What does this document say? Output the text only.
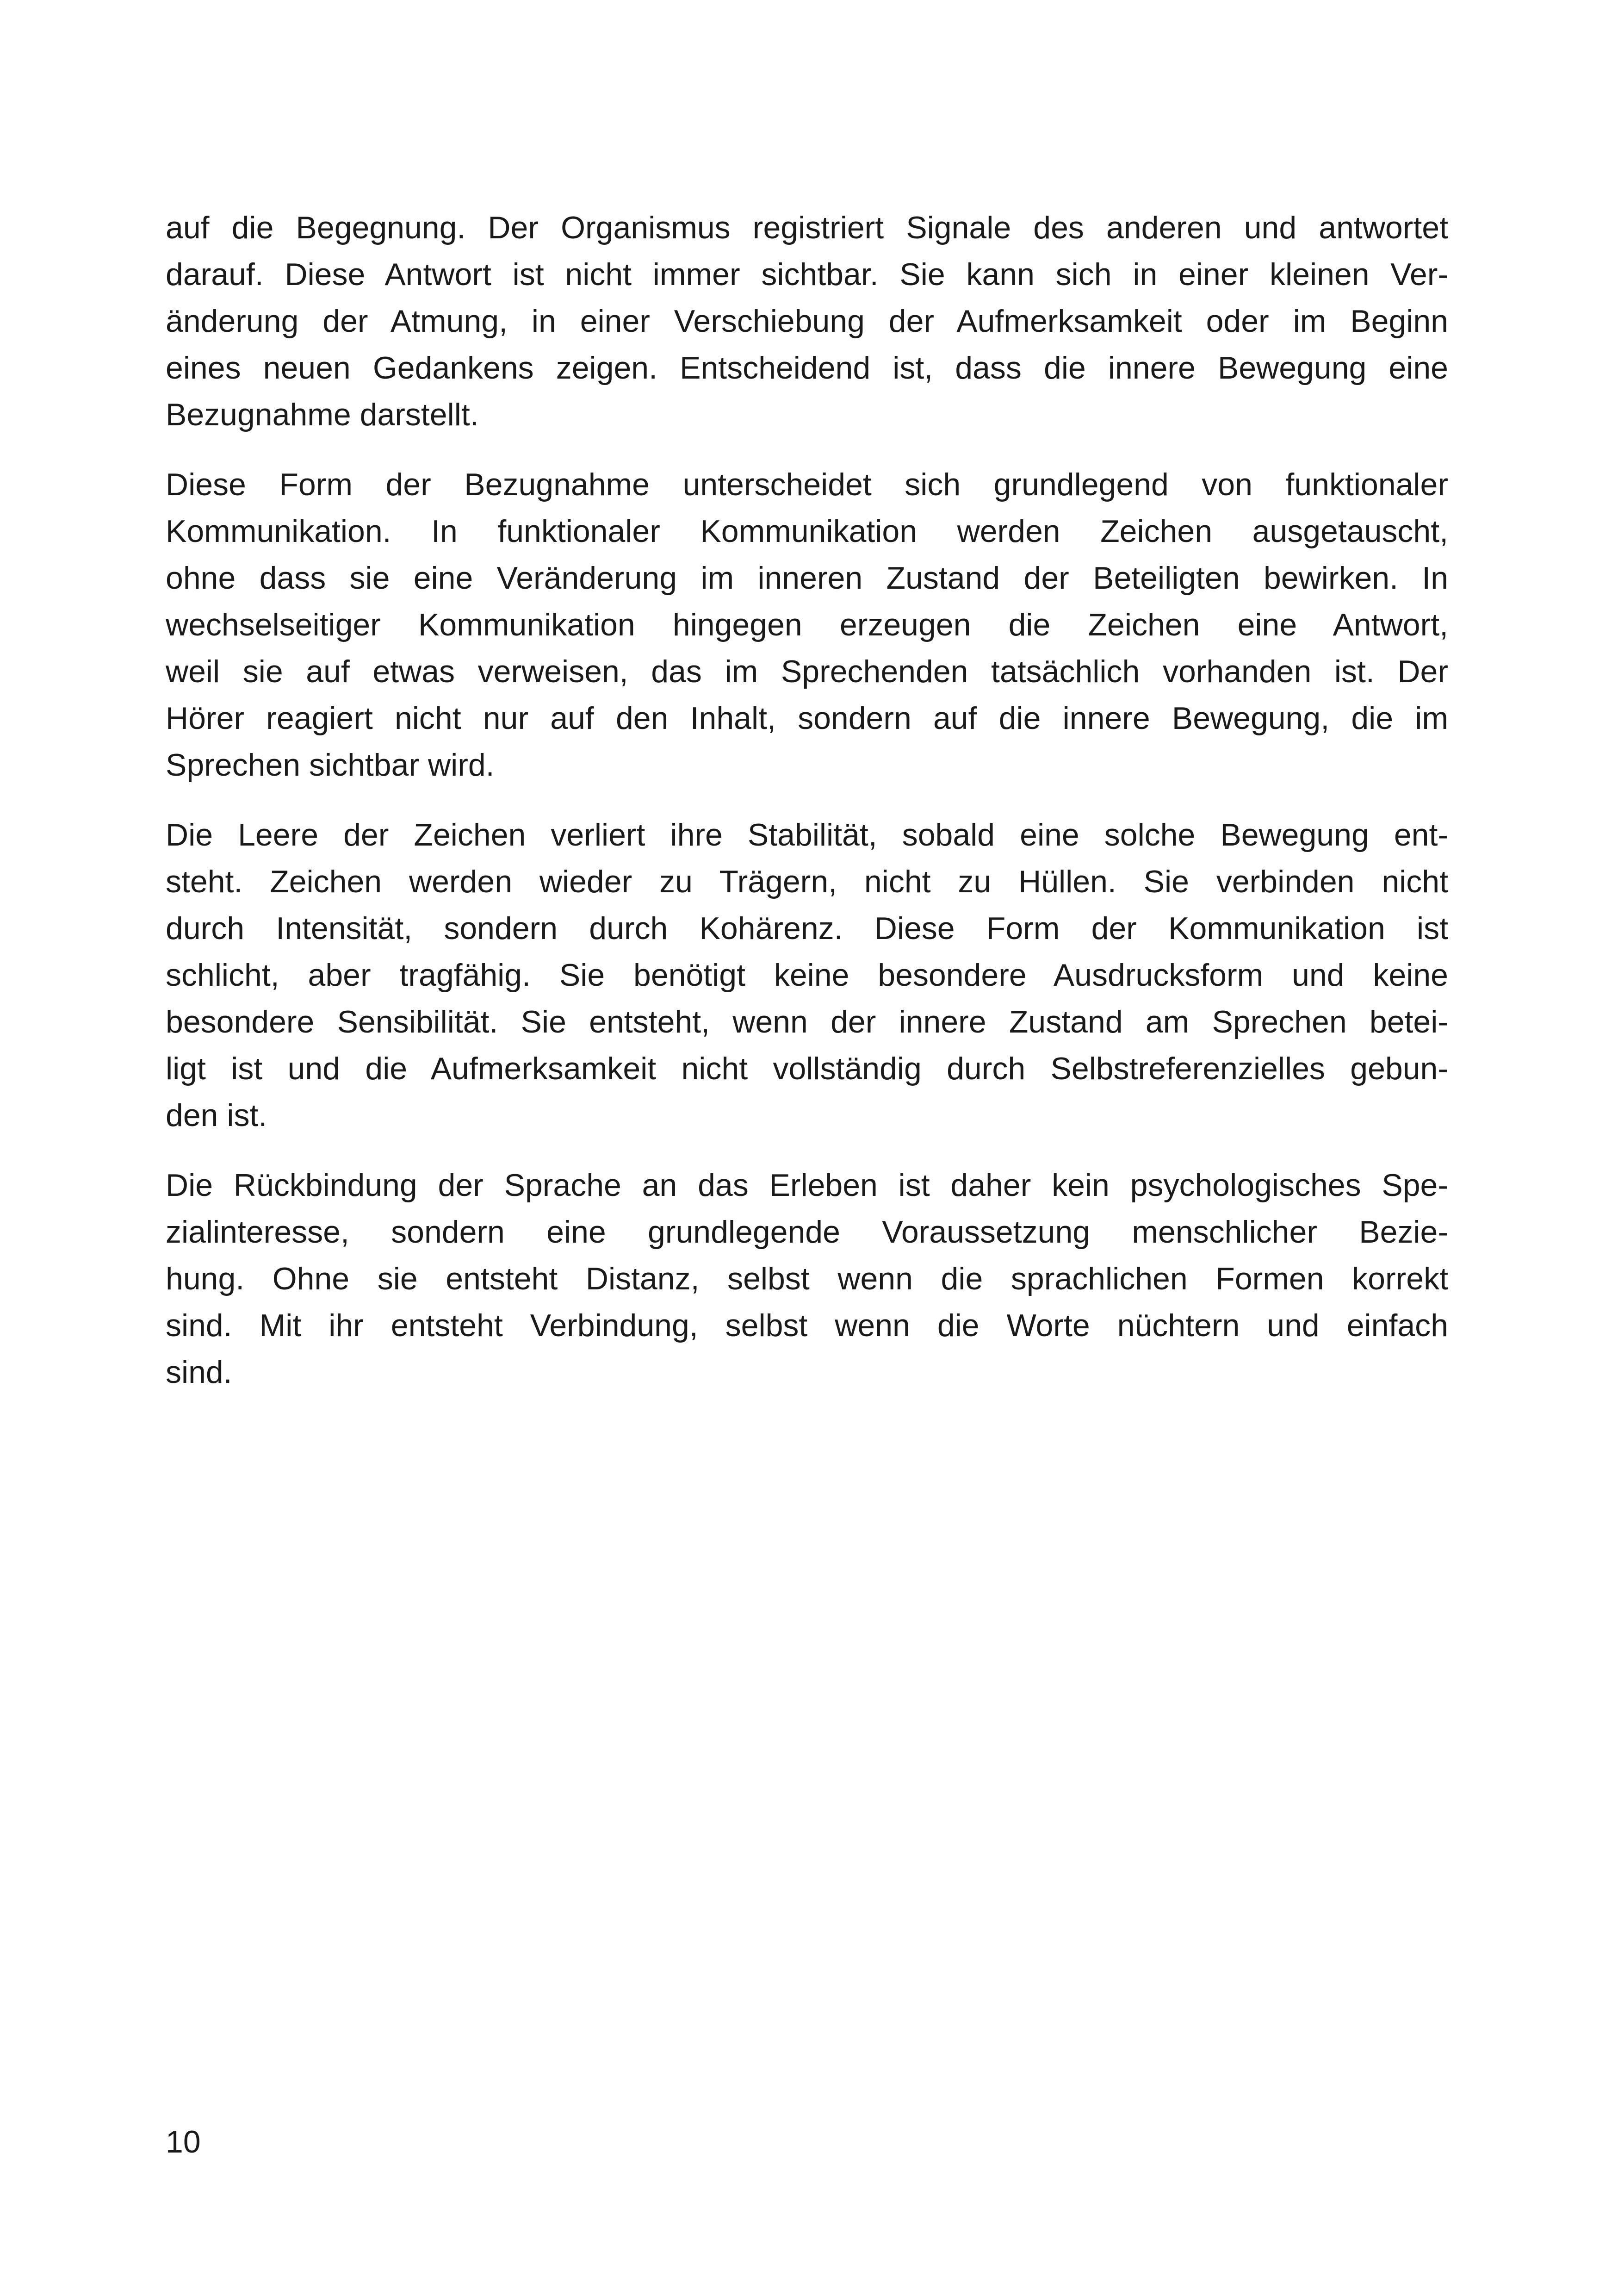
auf die Begegnung. Der Organismus registriert Signale des anderen und antwortet
darauf. Diese Antwort ist nicht immer sichtbar. Sie kann sich in einer kleinen Ver-
änderung der Atmung, in einer Verschiebung der Aufmerksamkeit oder im Beginn
eines neuen Gedankens zeigen. Entscheidend ist, dass die innere Bewegung eine
Bezugnahme darstellt.
Diese Form der Bezugnahme unterscheidet sich grundlegend von funktionaler
Kommunikation. In funktionaler Kommunikation werden Zeichen ausgetauscht,
ohne dass sie eine Veränderung im inneren Zustand der Beteiligten bewirken. In
wechselseitiger Kommunikation hingegen erzeugen die Zeichen eine Antwort,
weil sie auf etwas verweisen, das im Sprechenden tatsächlich vorhanden ist. Der
Hörer reagiert nicht nur auf den Inhalt, sondern auf die innere Bewegung, die im
Sprechen sichtbar wird.
Die Leere der Zeichen verliert ihre Stabilität, sobald eine solche Bewegung ent-
steht. Zeichen werden wieder zu Trägern, nicht zu Hüllen. Sie verbinden nicht
durch Intensität, sondern durch Kohärenz. Diese Form der Kommunikation ist
schlicht, aber tragfähig. Sie benötigt keine besondere Ausdrucksform und keine
besondere Sensibilität. Sie entsteht, wenn der innere Zustand am Sprechen betei-
ligt ist und die Aufmerksamkeit nicht vollständig durch Selbstreferenzielles gebun-
den ist.
Die Rückbindung der Sprache an das Erleben ist daher kein psychologisches Spe-
zialinteresse, sondern eine grundlegende Voraussetzung menschlicher Bezie-
hung. Ohne sie entsteht Distanz, selbst wenn die sprachlichen Formen korrekt
sind. Mit ihr entsteht Verbindung, selbst wenn die Worte nüchtern und einfach
sind.
10
